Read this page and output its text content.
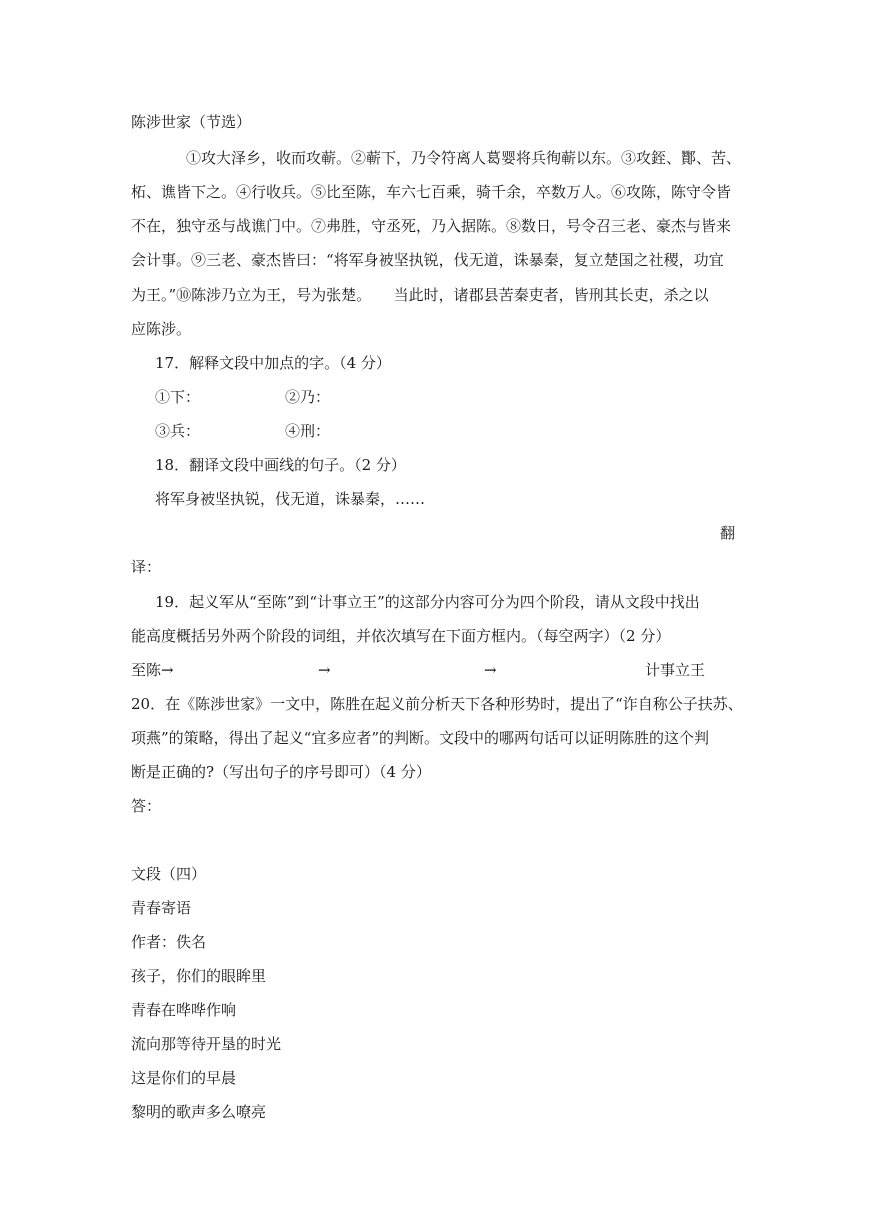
陈涉世家（节选）
①攻大泽乡，收而攻蕲。②蕲下，乃令符离人葛婴将兵徇蕲以东。③攻銍、酇、苦、
柘、谯皆下之。④行收兵。⑤比至陈，车六七百乘，骑千余，卒数万人。⑥攻陈，陈守令皆
不在，独守丞与战谯门中。⑦弗胜，守丞死，乃入据陈。⑧数日，号令召三老、豪杰与皆来
会计事。⑨三老、豪杰皆曰：“将军身被坚执锐，伐无道，诛暴秦，复立楚国之社稷，功宜
为王。”⑩陈涉乃立为王，号为张楚。　　当此时，诸郡县苦秦吏者，皆刑其长吏，杀之以
应陈涉。
17．解释文段中加点的字。（4 分）
①下：	②乃：
③兵：	④刑：
18．翻译文段中画线的句子。（2 分）
将军身被坚执锐，伐无道，诛暴秦，……
翻
译：
19．起义军从“至陈”到“计事立王”的这部分内容可分为四个阶段，请从文段中找出
能高度概括另外两个阶段的词组，并依次填写在下面方框内。（每空两字）（2 分）
至陈→	→	→	计事立王
20．在《陈涉世家》一文中，陈胜在起义前分析天下各种形势时，提出了“诈自称公子扶苏、
项燕”的策略，得出了起义“宜多应者”的判断。文段中的哪两句话可以证明陈胜的这个判
断是正确的?（写出句子的序号即可）（4 分）
答：
文段（四）
青春寄语
作者：佚名
孩子，你们的眼眸里
青春在哗哗作响
流向那等待开垦的时光
这是你们的早晨
黎明的歌声多么嘹亮
